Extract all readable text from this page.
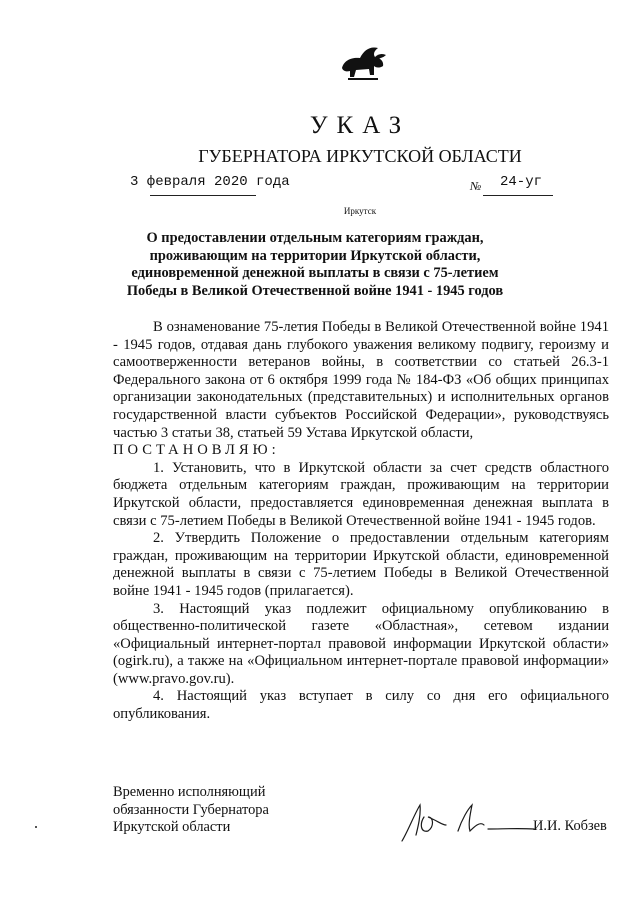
УКАЗ
ГУБЕРНАТОРА ИРКУТСКОЙ ОБЛАСТИ
3 февраля 2020 года	№ 24-уг
Иркутск
О предоставлении отдельным категориям граждан, проживающим на территории Иркутской области, единовременной денежной выплаты в связи с 75-летием Победы в Великой Отечественной войне 1941 - 1945 годов

В ознаменование 75-летия Победы в Великой Отечественной войне 1941 - 1945 годов, отдавая дань глубокого уважения великому подвигу, героизму и самоотверженности ветеранов войны, в соответствии со статьей 26.3-1 Федерального закона от 6 октября 1999 года № 184-ФЗ «Об общих принципах организации законодательных (представительных) и исполнительных органов государственной власти субъектов Российской Федерации», руководствуясь частью 3 статьи 38, статьей 59 Устава Иркутской области,

ПОСТАНОВЛЯЮ:

1. Установить, что в Иркутской области за счет средств областного бюджета отдельным категориям граждан, проживающим на территории Иркутской области, предоставляется единовременная денежная выплата в связи с 75-летием Победы в Великой Отечественной войне 1941 - 1945 годов.

2. Утвердить Положение о предоставлении отдельным категориям граждан, проживающим на территории Иркутской области, единовременной денежной выплаты в связи с 75-летием Победы в Великой Отечественной войне 1941 - 1945 годов (прилагается).

3. Настоящий указ подлежит официальному опубликованию в общественно-политической газете «Областная», сетевом издании «Официальный интернет-портал правовой информации Иркутской области» (ogirk.ru), а также на «Официальном интернет-портале правовой информации» (www.pravo.gov.ru).

4. Настоящий указ вступает в силу со дня его официального опубликования.

Временно исполняющий
обязанности Губернатора
Иркутской области	И.И. Кобзев
